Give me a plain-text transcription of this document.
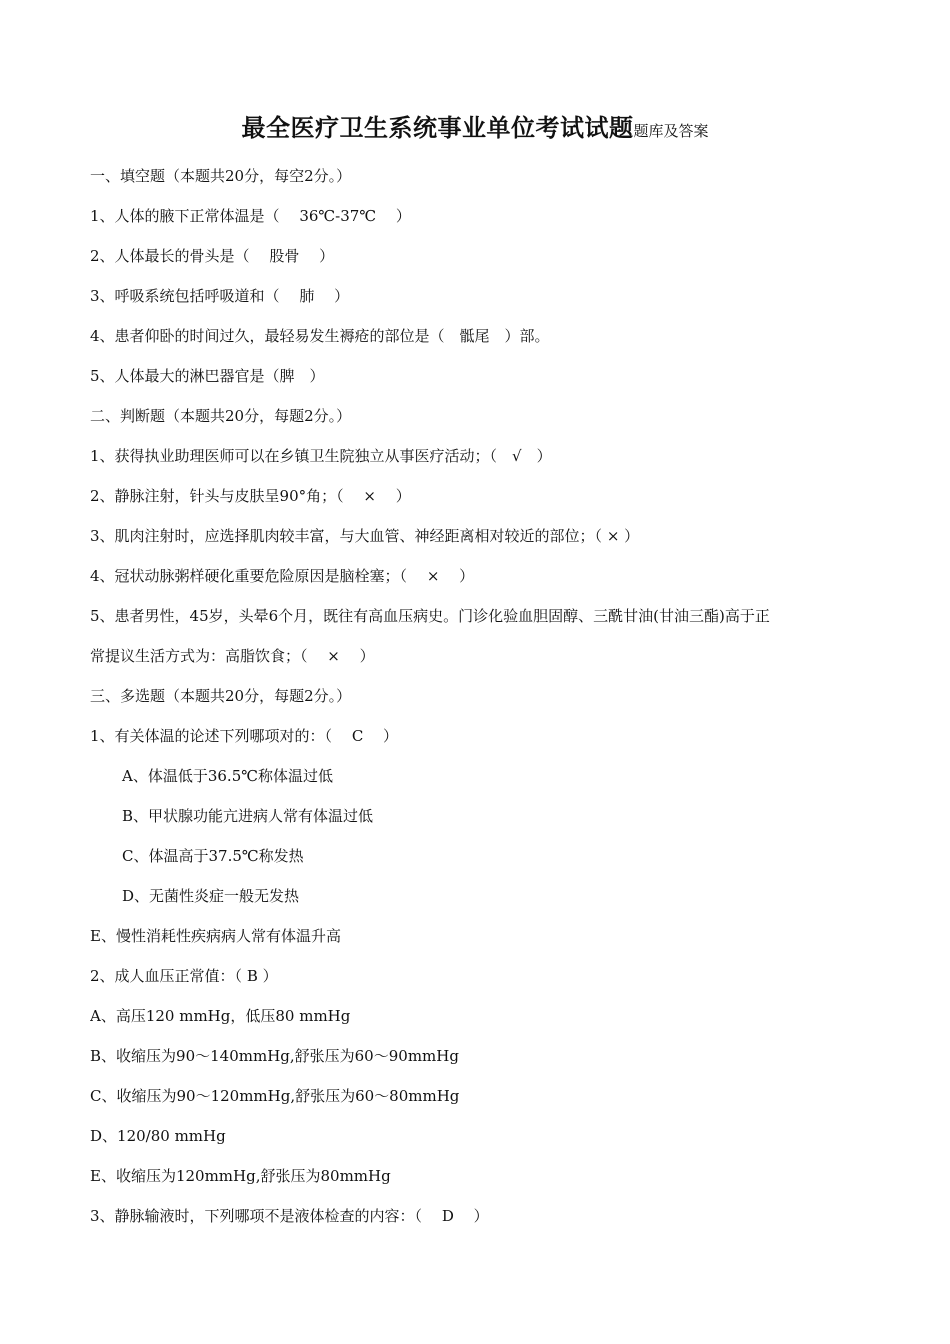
最全医疗卫生系统事业单位考试试题题库及答案
一、填空题（本题共20分，每空2分。）
1、人体的腋下正常体温是（　 36℃-37℃　 ）
2、人体最长的骨头是（　 股骨　 ）
3、呼吸系统包括呼吸道和（　 肺　 ）
4、患者仰卧的时间过久，最轻易发生褥疮的部位是（　骶尾　）部。
5、人体最大的淋巴器官是（脾　）
二、判断题（本题共20分，每题2分。）
1、获得执业助理医师可以在乡镇卫生院独立从事医疗活动；（　√　）
2、静脉注射，针头与皮肤呈90°角；（　 ×　 ）
3、肌肉注射时，应选择肌肉较丰富，与大血管、神经距离相对较近的部位；（ × ）
4、冠状动脉粥样硬化重要危险原因是脑栓塞；（　 ×　 ）
5、患者男性，45岁，头晕6个月，既往有高血压病史。门诊化验血胆固醇、三酰甘油(甘油三酯)高于正
常提议生活方式为：高脂饮食；（　 ×　 ）
三、多选题（本题共20分，每题2分。）
1、有关体温的论述下列哪项对的：（　 C　 ）
A、体温低于36.5℃称体温过低
B、甲状腺功能亢进病人常有体温过低
C、体温高于37.5℃称发热
D、无菌性炎症一般无发热
E、慢性消耗性疾病病人常有体温升高
2、成人血压正常值：（ B ）
A、高压120 mmHg，低压80 mmHg
B、收缩压为90～140mmHg,舒张压为60～90mmHg
C、收缩压为90～120mmHg,舒张压为60～80mmHg
D、120/80 mmHg
E、收缩压为120mmHg,舒张压为80mmHg
3、静脉输液时，下列哪项不是液体检查的内容：（　 D　 ）
